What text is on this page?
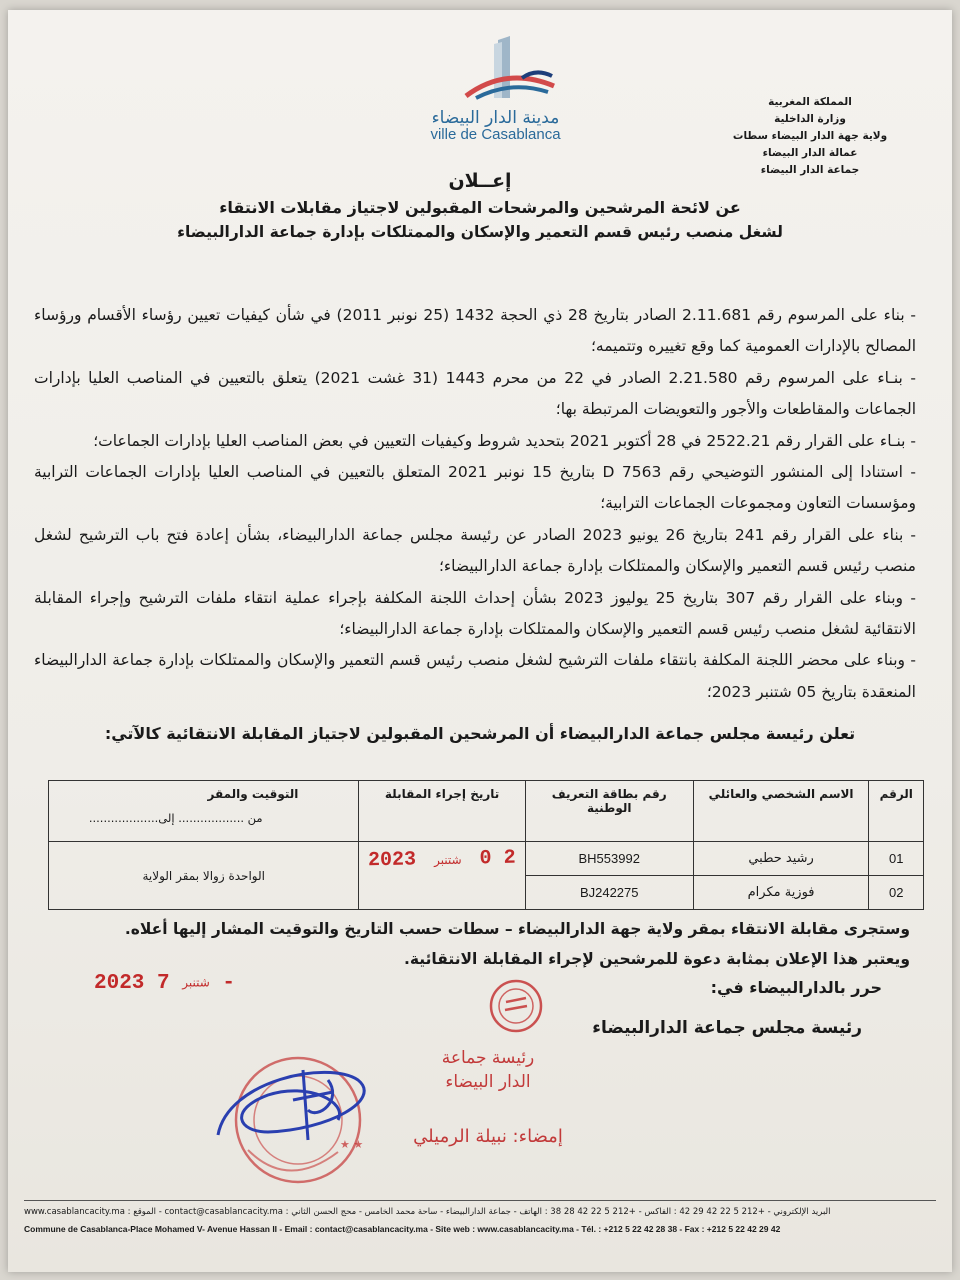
مدينة الدار البيضاء
ville de Casablanca
المملكة المغربية
وزارة الداخلية
ولاية جهة الدار البيضاء سطات
عمالة الدار البيضاء
جماعة الدار البيضاء
إعــلان
عن لائحة المرشحين والمرشحات المقبولين لاجتياز مقابلات الانتقاء
لشغل منصب رئيس قسم التعمير والإسكان والممتلكات بإدارة جماعة الدارالبيضاء

- بناء على المرسوم رقم 2.11.681 الصادر بتاريخ 28 ذي الحجة 1432 (25 نونبر 2011) في شأن كيفيات تعيين رؤساء الأقسام ورؤساء المصالح بالإدارات العمومية كما وقع تغييره وتتميمه؛

- بنـاء على المرسوم رقم 2.21.580 الصادر في 22 من محرم 1443 (31 غشت 2021) يتعلق بالتعيين في المناصب العليا بإدارات الجماعات والمقاطعات والأجور والتعويضات المرتبطة بها؛

- بنـاء على القرار رقم 2522.21 في 28 أكتوبر 2021 بتحديد شروط وكيفيات التعيين في بعض المناصب العليا بإدارات الجماعات؛

- استنادا إلى المنشور التوضيحي رقم D 7563 بتاريخ 15 نونبر 2021 المتعلق بالتعيين في المناصب العليا بإدارات الجماعات الترابية ومؤسسات التعاون ومجموعات الجماعات الترابية؛

- بناء على القرار رقم 241 بتاريخ 26 يونيو 2023 الصادر عن رئيسة مجلس جماعة الدارالبيضاء، بشأن إعادة فتح باب الترشيح لشغل منصب رئيس قسم التعمير والإسكان والممتلكات بإدارة جماعة الدارالبيضاء؛

- وبناء على القرار رقم 307 بتاريخ 25 يوليوز 2023 بشأن إحداث اللجنة المكلفة بإجراء عملية انتقاء ملفات الترشيح وإجراء المقابلة الانتقائية لشغل منصب رئيس قسم التعمير والإسكان والممتلكات بإدارة جماعة الدارالبيضاء؛

- وبناء على محضر اللجنة المكلفة بانتقاء ملفات الترشيح لشغل منصب رئيس قسم التعمير والإسكان والممتلكات بإدارة جماعة الدارالبيضاء المنعقدة بتاريخ 05 شتنبر 2023؛

تعلن رئيسة مجلس جماعة الدارالبيضاء أن المرشحين المقبولين لاجتياز المقابلة الانتقائية كالآتي:
الرقم	الاسم الشخصي والعائلي	رقم بطاقة التعريف الوطنية	تاريخ إجراء المقابلة	التوقيت والمقر
من .................. إلى...................

01	رشيد حطبي	BH553992	2 0 شتنبر 2023	الواحدة زوالا بمقر الولاية
02	فوزية مكرام	BJ242275		
وستجرى مقابلة الانتقاء بمقر ولاية جهة الدارالبيضاء – سطات حسب التاريخ والتوقيت المشار إليها أعلاه.
ويعتبر هذا الإعلان بمثابة دعوة للمرشحين لإجراء المقابلة الانتقائية.
حرر بالدارالبيضاء في:
2023	شتنبر 7 -
رئيسة مجلس جماعة الدارالبيضاء
★ ★
رئيسة جماعة
الدار البيضاء
إمضاء: نبيلة الرميلي
www.casablancacity.ma : الموقع - contact@casablancacity.ma : البريد الإلكتروني - +212 5 22 42 29 42 : الفاكس - +212 5 22 42 28 38 : الهاتف - جماعة الدارالبيضاء - ساحة محمد الخامس - محج الحسن الثاني
Commune de Casablanca-Place Mohamed V- Avenue Hassan II - Email : contact@casablancacity.ma - Site web : www.casablancacity.ma - Tél. : +212 5 22 42 28 38 - Fax : +212 5 22 42 29 42
